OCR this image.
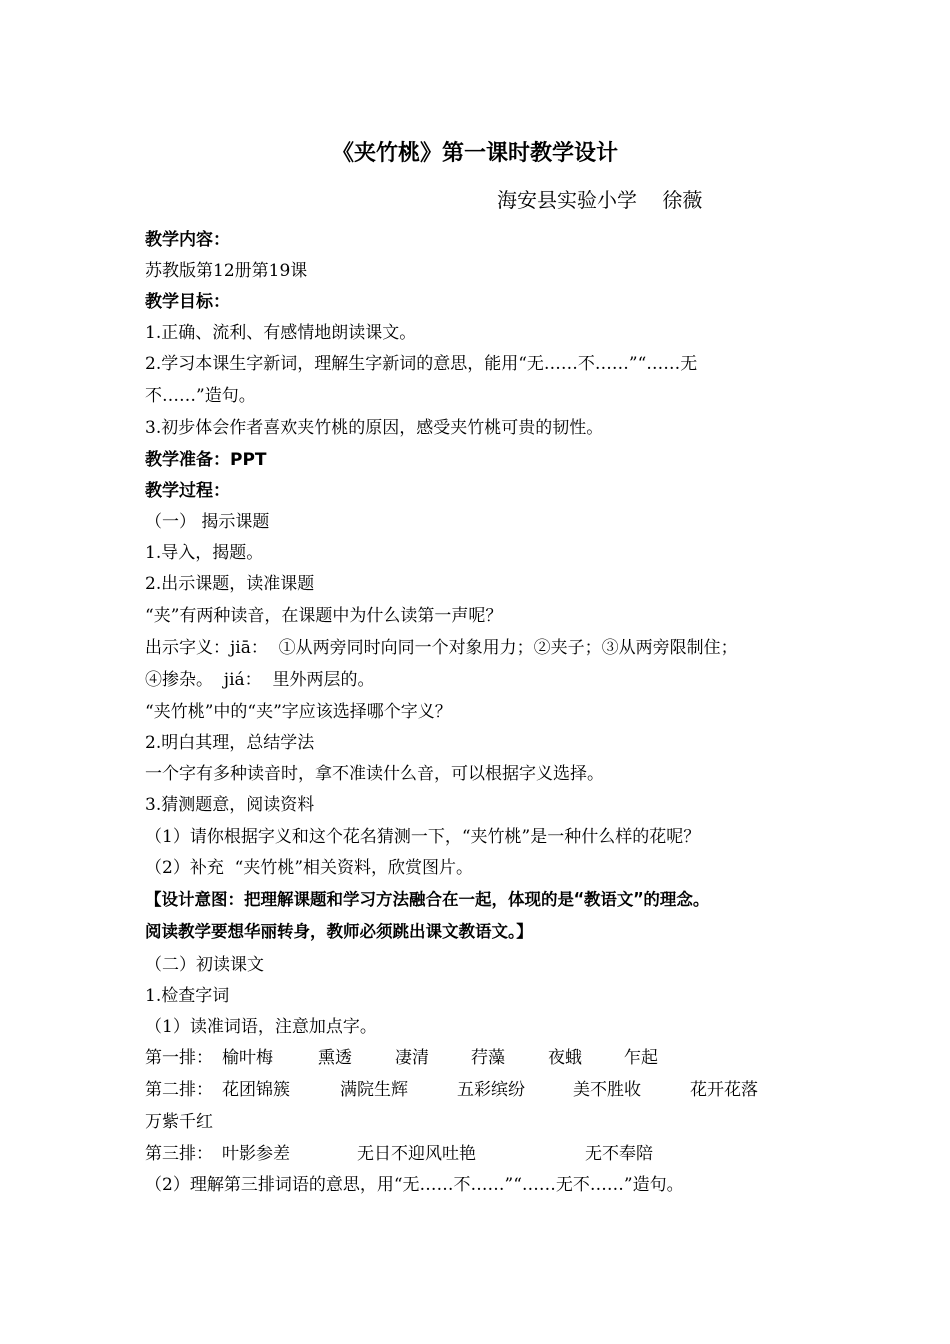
《夹竹桃》第一课时教学设计
海安县实验小学    徐薇
教学内容：
苏教版第12册第19课
教学目标：
1.正确、流利、有感情地朗读课文。
2.学习本课生字新词，理解生字新词的意思，能用“无……不……”“……无
不……”造句。
3.初步体会作者喜欢夹竹桃的原因，感受夹竹桃可贵的韧性。
教学准备：PPT
教学过程：
（一） 揭示课题
1.导入，揭题。
2.出示课题，读准课题
“夹”有两种读音，在课题中为什么读第一声呢？
出示字义：jiā：  ①从两旁同时向同一个对象用力；②夹子；③从两旁限制住；
④掺杂。  jiá：  里外两层的。
“夹竹桃”中的“夹”字应该选择哪个字义？
2.明白其理，总结学法
一个字有多种读音时，拿不准读什么音，可以根据字义选择。
3.猜测题意，阅读资料
（1）请你根据字义和这个花名猜测一下，“夹竹桃”是一种什么样的花呢？
（2）补充  “夹竹桃”相关资料，欣赏图片。
【设计意图：把理解课题和学习方法融合在一起，体现的是“教语文”的理念。
阅读教学要想华丽转身，教师必须跳出课文教语文。】
（二）初读课文
1.检查字词
（1）读准词语，注意加点字。
第一排： 榆叶梅	熏透	凄清 荇藻	夜蛾 乍起
第二排： 花团锦簇	满院生辉	五彩缤纷	美不胜收	花开花落
万紫千红
第三排： 叶影参差	无日不迎风吐艳	无不奉陪
（2）理解第三排词语的意思，用“无……不……”“……无不……”造句。
